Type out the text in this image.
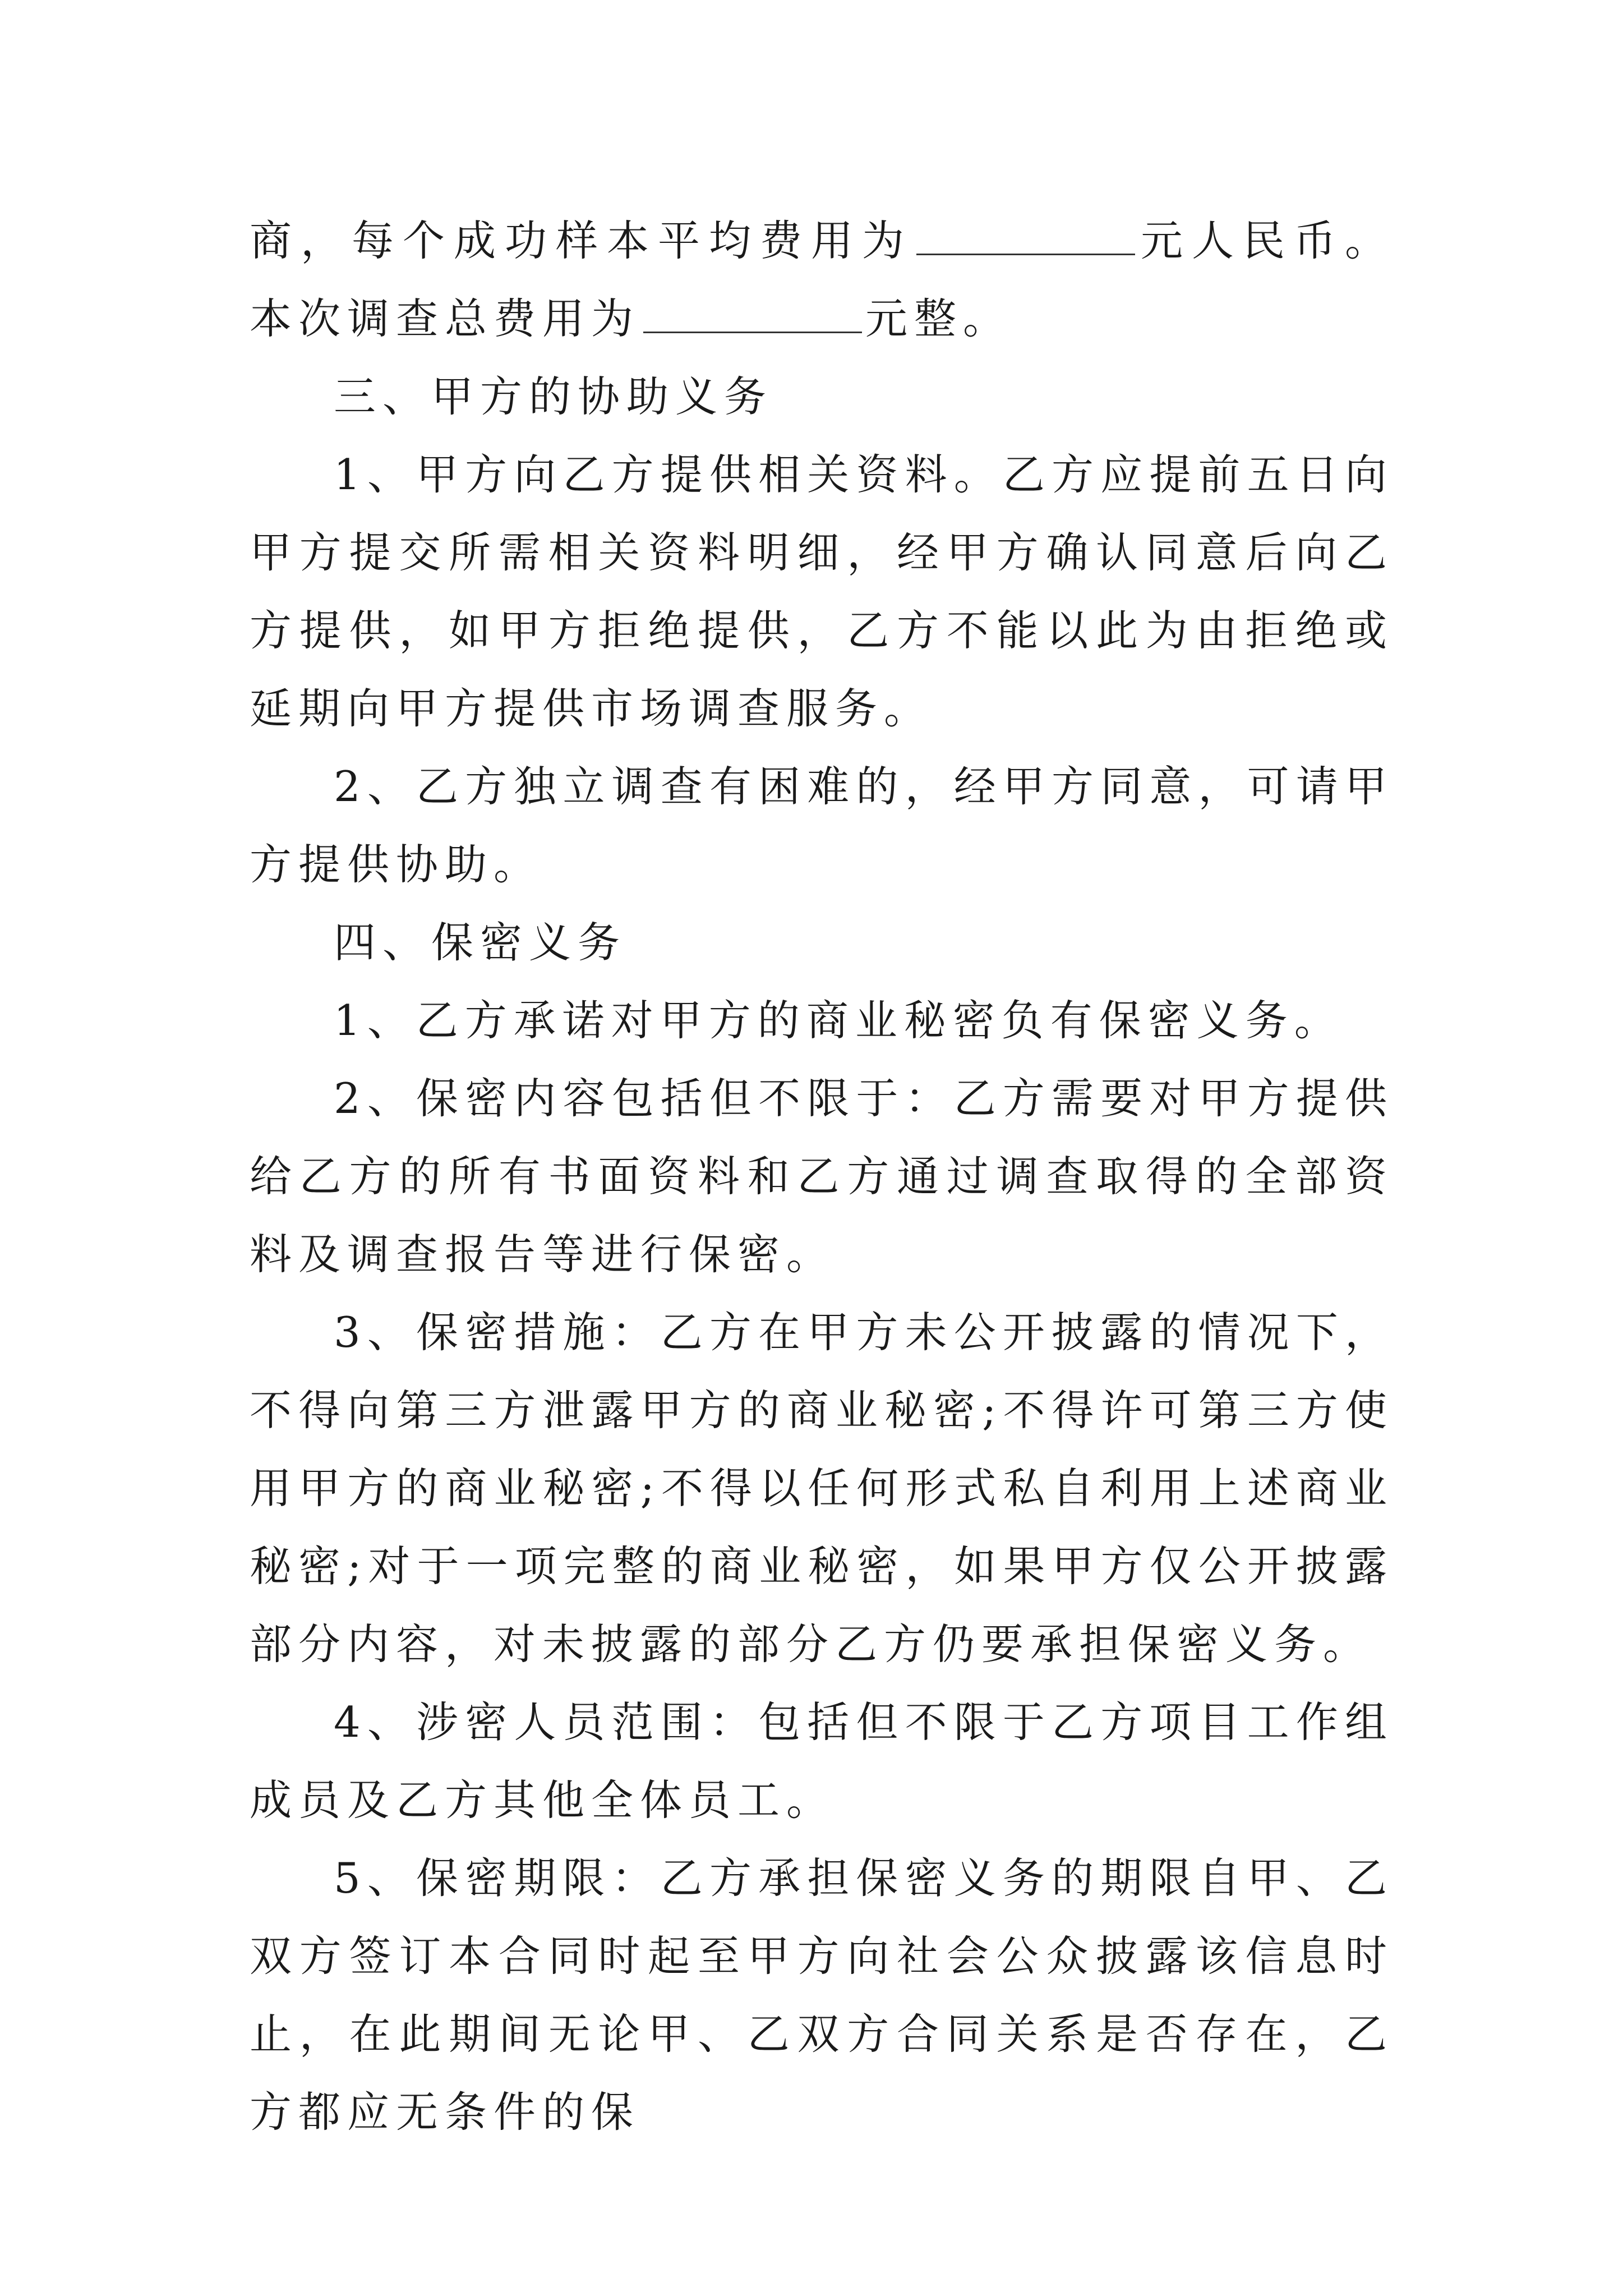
商，每个成功样本平均费用为	元人民币。本次调查总费用为	元整。

三、甲方的协助义务

1、甲方向乙方提供相关资料。乙方应提前五日向甲方提交所需相关资料明细，经甲方确认同意后向乙方提供，如甲方拒绝提供，乙方不能以此为由拒绝或延期向甲方提供市场调查服务。

2、乙方独立调查有困难的，经甲方同意，可请甲方提供协助。

四、保密义务

1、乙方承诺对甲方的商业秘密负有保密义务。

2、保密内容包括但不限于：乙方需要对甲方提供给乙方的所有书面资料和乙方通过调查取得的全部资料及调查报告等进行保密。

3、保密措施：乙方在甲方未公开披露的情况下，不得向第三方泄露甲方的商业秘密;不得许可第三方使用甲方的商业秘密;不得以任何形式私自利用上述商业秘密;对于一项完整的商业秘密，如果甲方仅公开披露部分内容，对未披露的部分乙方仍要承担保密义务。

4、涉密人员范围：包括但不限于乙方项目工作组成员及乙方其他全体员工。

5、保密期限：乙方承担保密义务的期限自甲、乙双方签订本合同时起至甲方向社会公众披露该信息时止，在此期间无论甲、乙双方合同关系是否存在，乙方都应无条件的保
